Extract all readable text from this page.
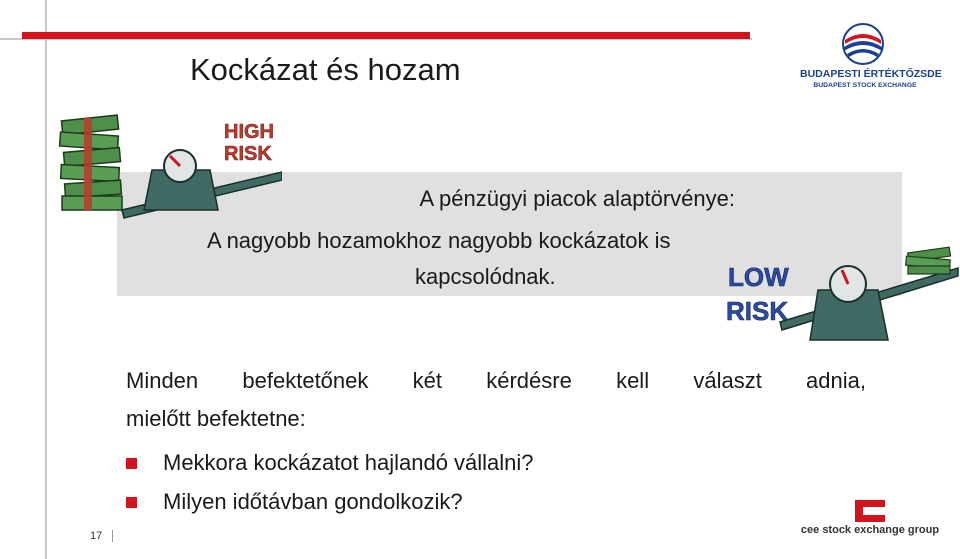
BUDAPESTI ÉRTÉKTŐZSDE
BUDAPEST STOCK EXCHANGE
Kockázat és hozam
A pénzügyi piacok alaptörvénye:
A nagyobb hozamokhoz nagyobb kockázatok is
kapcsolódnak.
HIGH
RISK
LOW
RISK
Minden befektetőnek két kérdésre kell választ adnia,
mielőtt befektetne:
Mekkora kockázatot hajlandó vállalni?
Milyen időtávban gondolkozik?
17	cee stock exchange group
